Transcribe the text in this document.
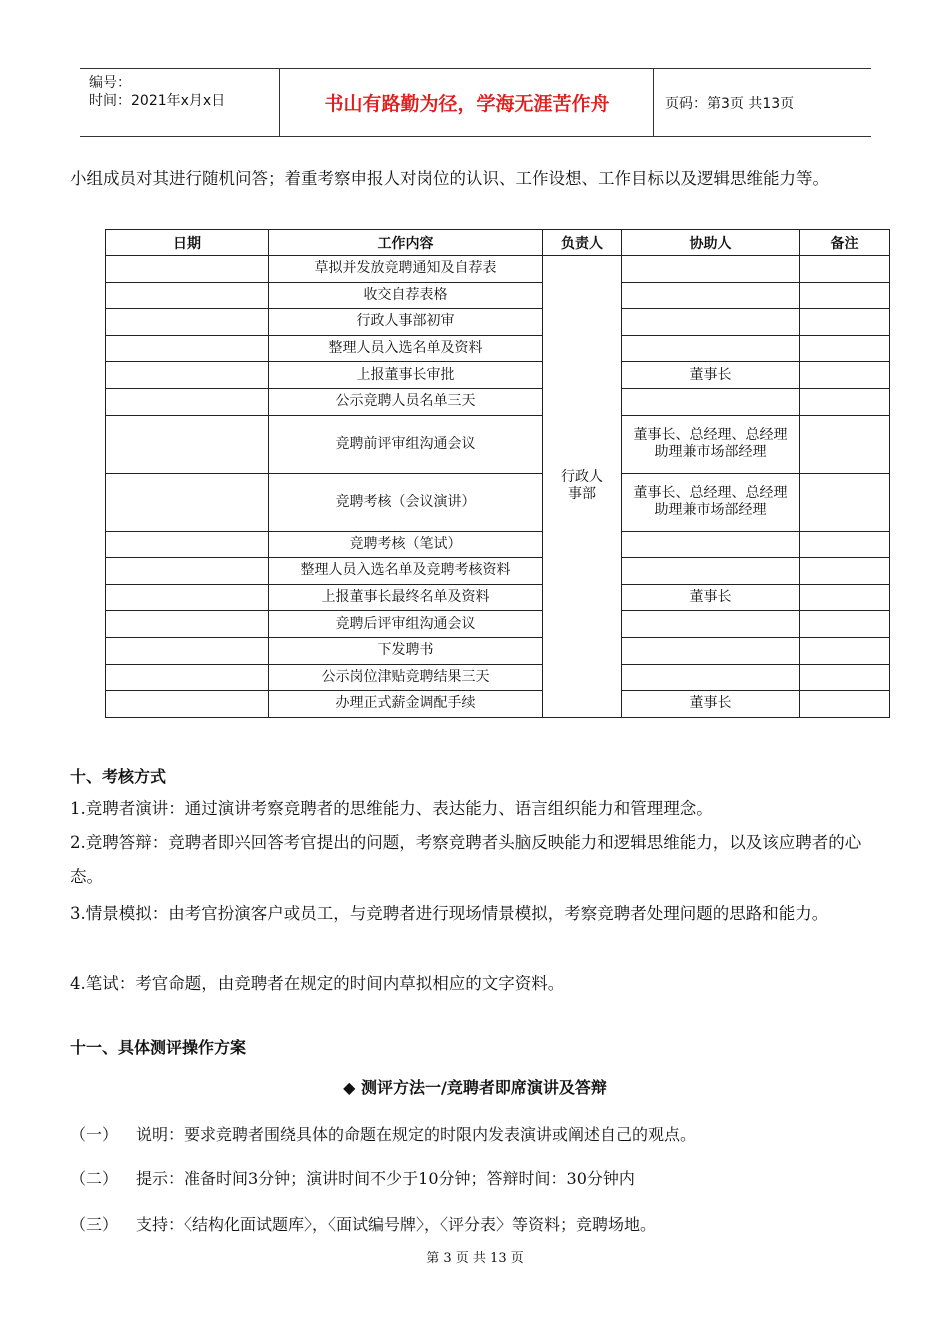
编号：
时间：2021年x月x日	书山有路勤为径，学海无涯苦作舟	页码：第3页 共13页

小组成员对其进行随机问答；着重考察申报人对岗位的认识、工作设想、工作目标以及逻辑思维能力等。

日期	工作内容	负责人	协助人	备注
	草拟并发放竞聘通知及自荐表	行政人事部		
	收交自荐表格			
	行政人事部初审			
	整理人员入选名单及资料			
	上报董事长审批		董事长	
	公示竞聘人员名单三天			
	竞聘前评审组沟通会议		董事长、总经理、总经理助理兼市场部经理	
	竞聘考核（会议演讲）		董事长、总经理、总经理助理兼市场部经理	
	竞聘考核（笔试）			
	整理人员入选名单及竞聘考核资料			
	上报董事长最终名单及资料		董事长	
	竞聘后评审组沟通会议			
	下发聘书			
	公示岗位津贴竞聘结果三天			
	办理正式薪金调配手续		董事长	
十、考核方式

1.竞聘者演讲：通过演讲考察竞聘者的思维能力、表达能力、语言组织能力和管理理念。

2.竞聘答辩：竞聘者即兴回答考官提出的问题，考察竞聘者头脑反映能力和逻辑思维能力，以及该应聘者的心态。

3.情景模拟：由考官扮演客户或员工，与竞聘者进行现场情景模拟，考察竞聘者处理问题的思路和能力。

4.笔试：考官命题，由竞聘者在规定的时间内草拟相应的文字资料。

十一、具体测评操作方案
◆ 测评方法一/竞聘者即席演讲及答辩
（一） 说明：要求竞聘者围绕具体的命题在规定的时限内发表演讲或阐述自己的观点。
（二） 提示：准备时间3分钟；演讲时间不少于10分钟；答辩时间：30分钟内
（三） 支持：〈结构化面试题库〉，〈面试编号牌〉，〈评分表〉等资料；竞聘场地。
第 3 页 共 13 页
